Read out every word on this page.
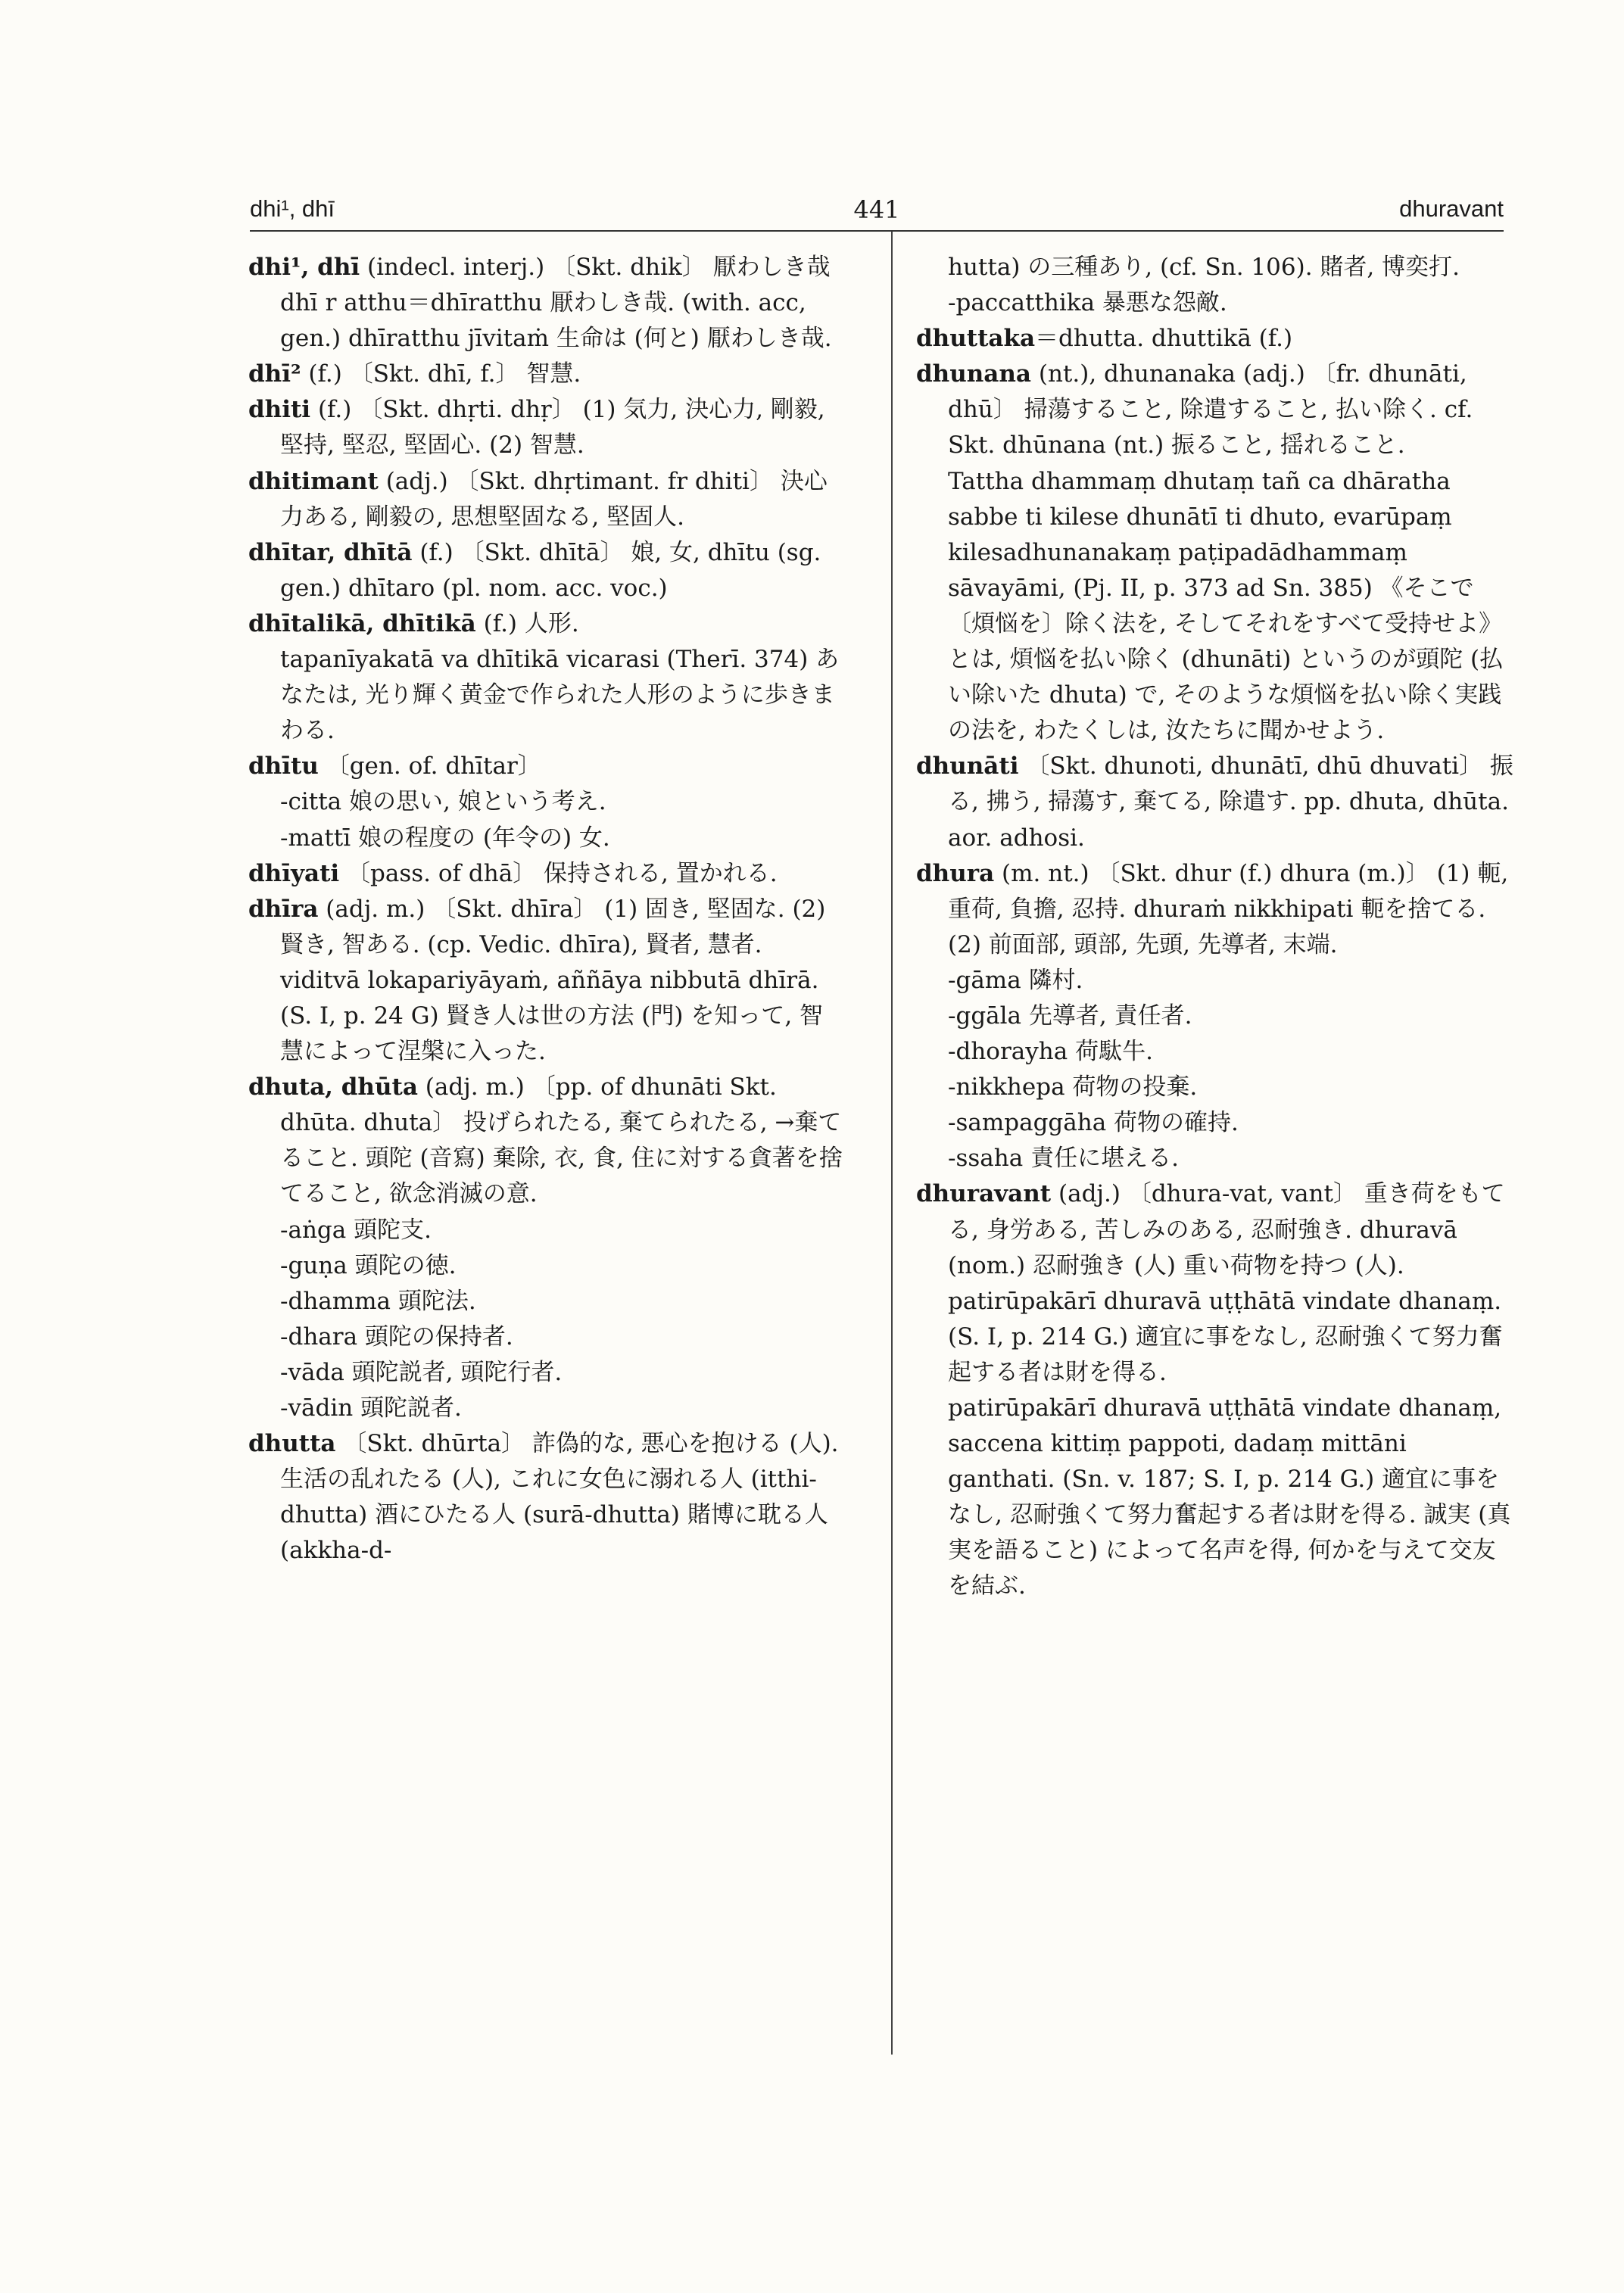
dhi¹, dhī	441	dhuravant

dhi¹, dhī (indecl. interj.) 〔Skt. dhik〕 厭わしき哉 dhī r atthu＝dhīratthu 厭わしき哉. (with. acc, gen.) dhīratthu jīvitaṁ 生命は (何と) 厭わしき哉.

dhī² (f.) 〔Skt. dhī, f.〕 智慧.

dhiti (f.) 〔Skt. dhṛti. dhṛ〕 (1) 気力, 決心力, 剛毅, 堅持, 堅忍, 堅固心. (2) 智慧.

dhitimant (adj.) 〔Skt. dhṛtimant. fr dhiti〕 決心力ある, 剛毅の, 思想堅固なる, 堅固人.

dhītar, dhītā (f.) 〔Skt. dhītā〕 娘, 女, dhītu (sg. gen.) dhītaro (pl. nom. acc. voc.)

dhītalikā, dhītikā (f.) 人形.

tapanīyakatā va dhītikā vicarasi (Therī. 374) あなたは, 光り輝く黄金で作られた人形のように歩きまわる.

dhītu 〔gen. of. dhītar〕

-citta 娘の思い, 娘という考え.

-mattī 娘の程度の (年令の) 女.

dhīyati 〔pass. of dhā〕 保持される, 置かれる.

dhīra (adj. m.) 〔Skt. dhīra〕 (1) 固き, 堅固な. (2) 賢き, 智ある. (cp. Vedic. dhīra), 賢者, 慧者.

viditvā lokapariyāyaṁ, aññāya nibbutā dhīrā. (S. I, p. 24 G) 賢き人は世の方法 (門) を知って, 智慧によって涅槃に入った.

dhuta, dhūta (adj. m.) 〔pp. of dhunāti Skt. dhūta. dhuta〕 投げられたる, 棄てられたる, →棄てること. 頭陀 (音寫) 棄除, 衣, 食, 住に対する貪著を捨てること, 欲念消滅の意.

-aṅga 頭陀支.

-guṇa 頭陀の徳.

-dhamma 頭陀法.

-dhara 頭陀の保持者.

-vāda 頭陀説者, 頭陀行者.

-vādin 頭陀説者.

dhutta 〔Skt. dhūrta〕 詐偽的な, 悪心を抱ける (人). 生活の乱れたる (人), これに女色に溺れる人 (itthi-dhutta) 酒にひたる人 (surā-dhutta) 賭博に耽る人 (akkha-d-

hutta) の三種あり, (cf. Sn. 106). 賭者, 博奕打.

-paccatthika 暴悪な怨敵.

dhuttaka＝dhutta. dhuttikā (f.)

dhunana (nt.), dhunanaka (adj.) 〔fr. dhunāti, dhū〕 掃蕩すること, 除遣すること, 払い除く. cf. Skt. dhūnana (nt.) 振ること, 揺れること.

Tattha dhammaṃ dhutaṃ tañ ca dhāratha sabbe ti kilese dhunātī ti dhuto, evarūpaṃ kilesadhunanakaṃ paṭipadādhammaṃ sāvayāmi, (Pj. II, p. 373 ad Sn. 385) 《そこで〔煩悩を〕除く法を, そしてそれをすべて受持せよ》とは, 煩悩を払い除く (dhunāti) というのが頭陀 (払い除いた dhuta) で, そのような煩悩を払い除く実践の法を, わたくしは, 汝たちに聞かせよう.

dhunāti 〔Skt. dhunoti, dhunātī, dhū dhuvati〕 振る, 拂う, 掃蕩す, 棄てる, 除遣す. pp. dhuta, dhūta. aor. adhosi.

dhura (m. nt.) 〔Skt. dhur (f.) dhura (m.)〕 (1) 軛, 重荷, 負擔, 忍持. dhuraṁ nikkhipati 軛を捨てる. (2) 前面部, 頭部, 先頭, 先導者, 末端.

-gāma 隣村.

-ggāla 先導者, 責任者.

-dhorayha 荷駄牛.

-nikkhepa 荷物の投棄.

-sampaggāha 荷物の確持.

-ssaha 責任に堪える.

dhuravant (adj.) 〔dhura-vat, vant〕 重き荷をもてる, 身労ある, 苦しみのある, 忍耐強き. dhuravā (nom.) 忍耐強き (人) 重い荷物を持つ (人).

patirūpakārī dhuravā uṭṭhātā vindate dhanaṃ. (S. I, p. 214 G.) 適宜に事をなし, 忍耐強くて努力奮起する者は財を得る.

patirūpakārī dhuravā uṭṭhātā vindate dhanaṃ, saccena kittiṃ pappoti, dadaṃ mittāni ganthati. (Sn. v. 187; S. I, p. 214 G.) 適宜に事をなし, 忍耐強くて努力奮起する者は財を得る. 誠実 (真実を語ること) によって名声を得, 何かを与えて交友を結ぶ.
